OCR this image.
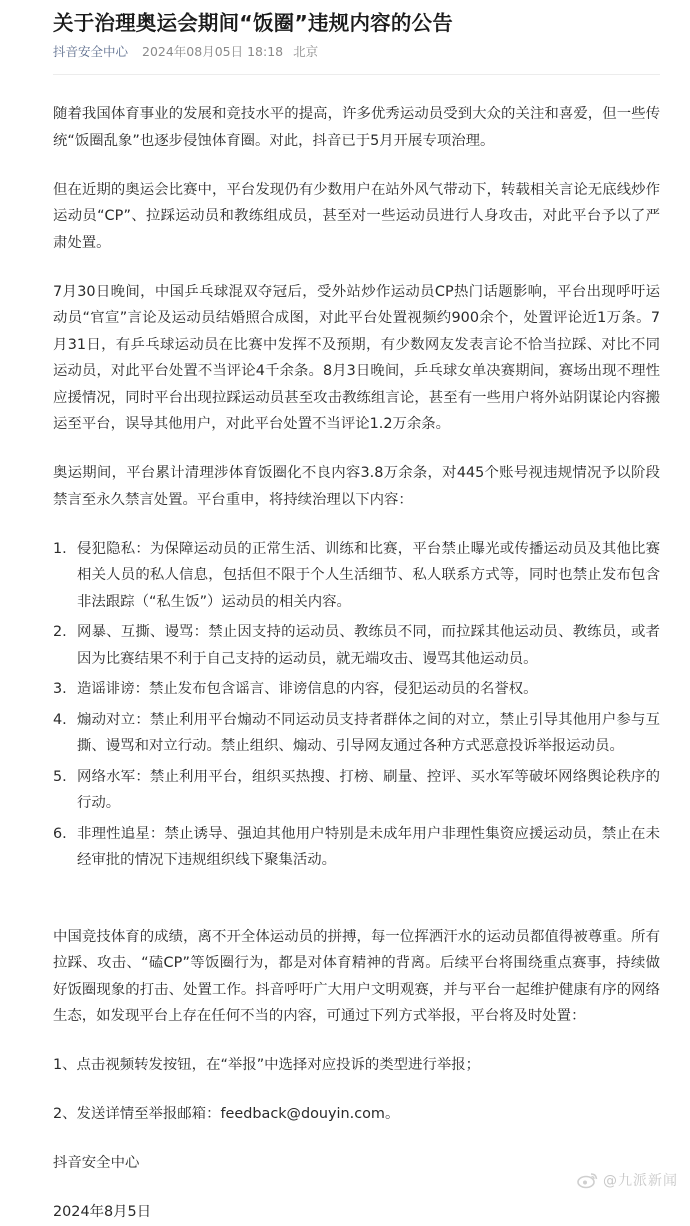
关于治理奥运会期间“饭圈”违规内容的公告
抖音安全中心 2024年08月05日 18:18 北京

随着我国体育事业的发展和竞技水平的提高，许多优秀运动员受到大众的关注和喜爱，但一些传统“饭圈乱象”也逐步侵蚀体育圈。对此，抖音已于5月开展专项治理。

但在近期的奥运会比赛中，平台发现仍有少数用户在站外风气带动下，转载相关言论无底线炒作运动员“CP”、拉踩运动员和教练组成员，甚至对一些运动员进行人身攻击，对此平台予以了严肃处置。

7月30日晚间，中国乒乓球混双夺冠后，受外站炒作运动员CP热门话题影响，平台出现呼吁运动员“官宣”言论及运动员结婚照合成图，对此平台处置视频约900余个，处置评论近1万条。7月31日，有乒乓球运动员在比赛中发挥不及预期，有少数网友发表言论不恰当拉踩、对比不同运动员，对此平台处置不当评论4千余条。8月3日晚间，乒乓球女单决赛期间，赛场出现不理性应援情况，同时平台出现拉踩运动员甚至攻击教练组言论，甚至有一些用户将外站阴谋论内容搬运至平台，误导其他用户，对此平台处置不当评论1.2万余条。

奥运期间，平台累计清理涉体育饭圈化不良内容3.8万余条，对445个账号视违规情况予以阶段禁言至永久禁言处置。平台重申，将持续治理以下内容：

1. 侵犯隐私：为保障运动员的正常生活、训练和比赛，平台禁止曝光或传播运动员及其他比赛相关人员的私人信息，包括但不限于个人生活细节、私人联系方式等，同时也禁止发布包含非法跟踪（“私生饭”）运动员的相关内容。
2. 网暴、互撕、谩骂：禁止因支持的运动员、教练员不同，而拉踩其他运动员、教练员，或者因为比赛结果不利于自己支持的运动员，就无端攻击、谩骂其他运动员。
3. 造谣诽谤：禁止发布包含谣言、诽谤信息的内容，侵犯运动员的名誉权。
4. 煽动对立：禁止利用平台煽动不同运动员支持者群体之间的对立，禁止引导其他用户参与互撕、谩骂和对立行动。禁止组织、煽动、引导网友通过各种方式恶意投诉举报运动员。
5. 网络水军：禁止利用平台，组织买热搜、打榜、刷量、控评、买水军等破坏网络舆论秩序的行动。
6. 非理性追星：禁止诱导、强迫其他用户特别是未成年用户非理性集资应援运动员，禁止在未经审批的情况下违规组织线下聚集活动。

中国竞技体育的成绩，离不开全体运动员的拼搏，每一位挥洒汗水的运动员都值得被尊重。所有拉踩、攻击、“磕CP”等饭圈行为，都是对体育精神的背离。后续平台将围绕重点赛事，持续做好饭圈现象的打击、处置工作。抖音呼吁广大用户文明观赛，并与平台一起维护健康有序的网络生态，如发现平台上存在任何不当的内容，可通过下列方式举报，平台将及时处置：

1、点击视频转发按钮，在“举报”中选择对应投诉的类型进行举报；

2、发送详情至举报邮箱：feedback@douyin.com。

抖音安全中心

2024年8月5日

@九派新闻
